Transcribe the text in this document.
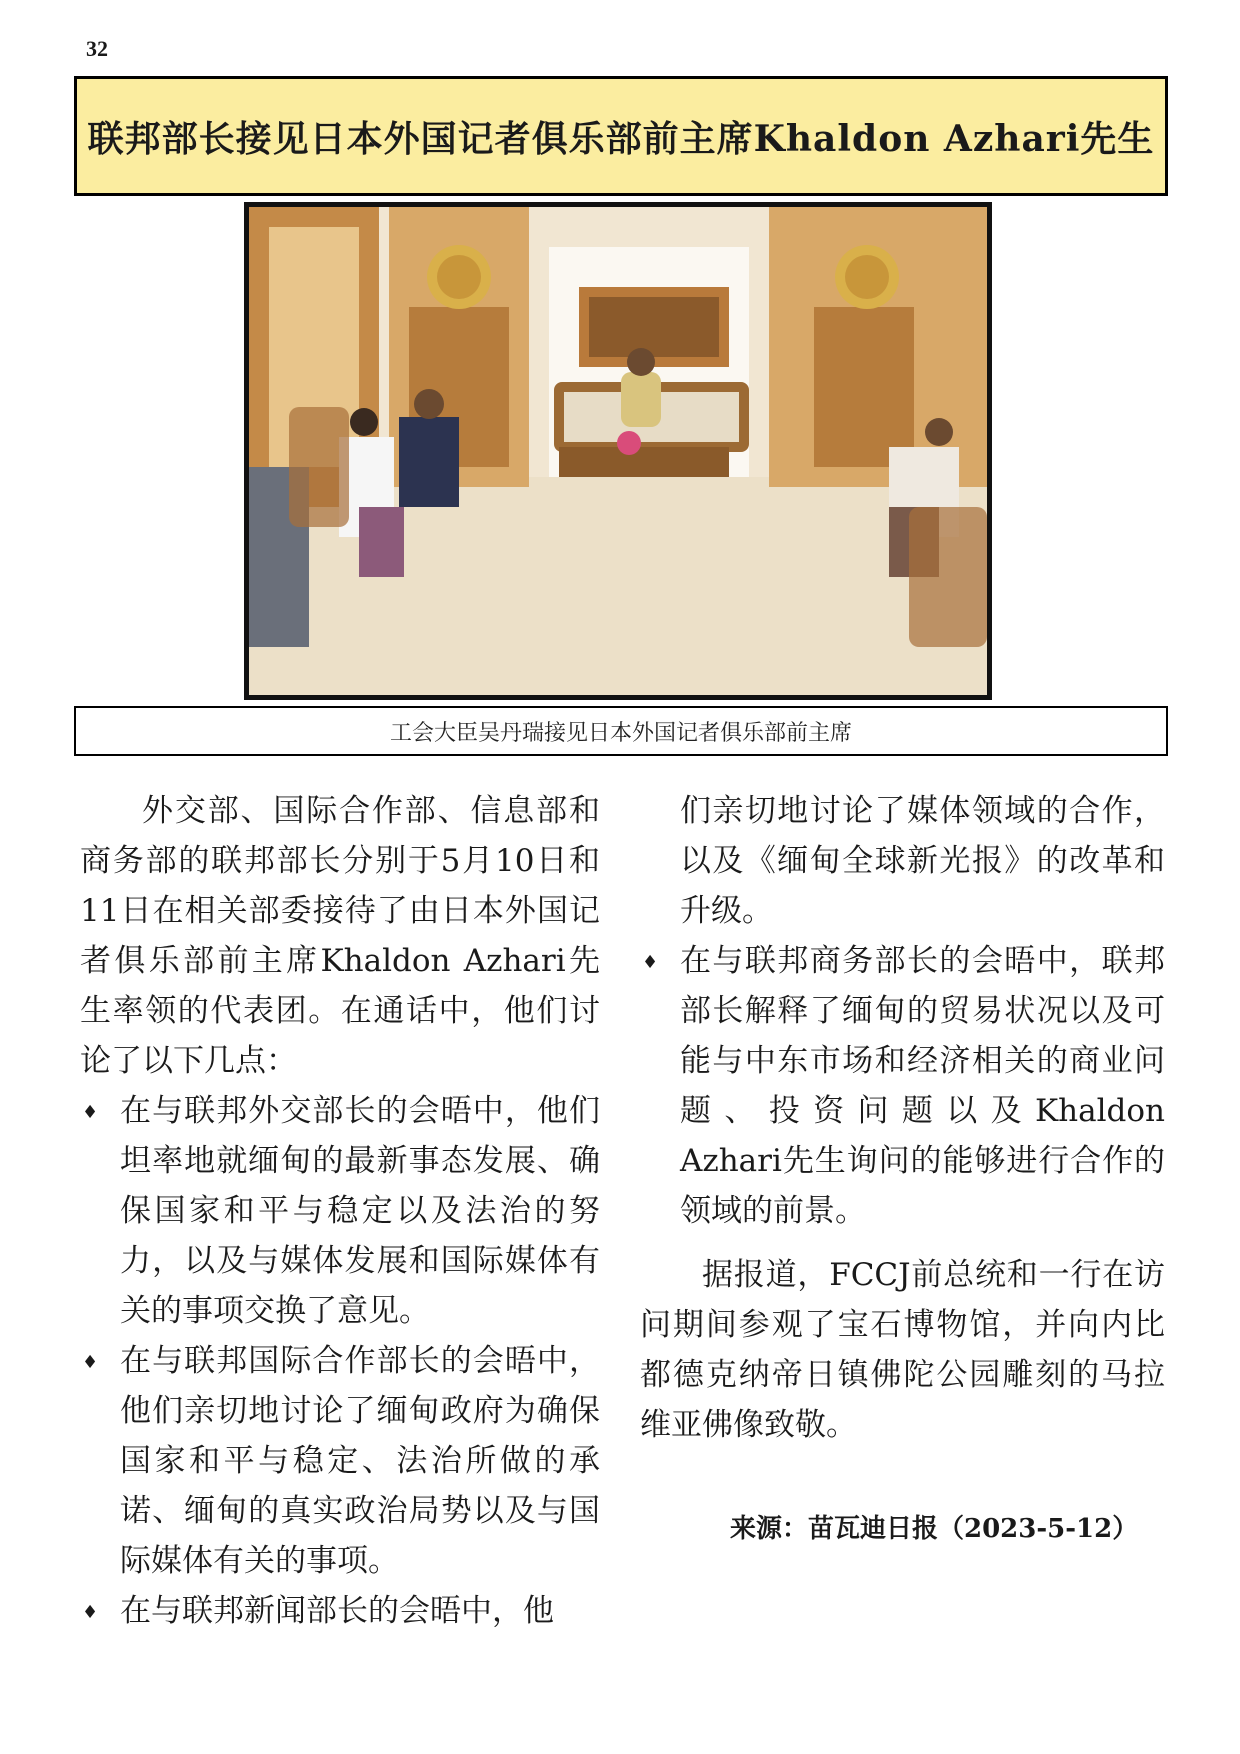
32
联邦部长接见日本外国记者俱乐部前主席Khaldon Azhari先生
工会大臣吴丹瑞接见日本外国记者俱乐部前主席

外交部、国际合作部、信息部和商务部的联邦部长分别于5月10日和11日在相关部委接待了由日本外国记者俱乐部前主席Khaldon Azhari先生率领的代表团。在通话中，他们讨论了以下几点：

♦ 在与联邦外交部长的会晤中，他们坦率地就缅甸的最新事态发展、确保国家和平与稳定以及法治的努力，以及与媒体发展和国际媒体有关的事项交换了意见。
♦ 在与联邦国际合作部长的会晤中，他们亲切地讨论了缅甸政府为确保国家和平与稳定、法治所做的承诺、缅甸的真实政治局势以及与国际媒体有关的事项。
♦ 在与联邦新闻部长的会晤中，他
们亲切地讨论了媒体领域的合作，以及《缅甸全球新光报》的改革和升级。
♦ 在与联邦商务部长的会晤中，联邦部长解释了缅甸的贸易状况以及可能与中东市场和经济相关的商业问题、投资问题以及Khaldon Azhari先生询问的能够进行合作的领域的前景。

据报道，FCCJ前总统和一行在访问期间参观了宝石博物馆，并向内比都德克纳帝日镇佛陀公园雕刻的马拉维亚佛像致敬。

来源：苗瓦迪日报（2023-5-12）
